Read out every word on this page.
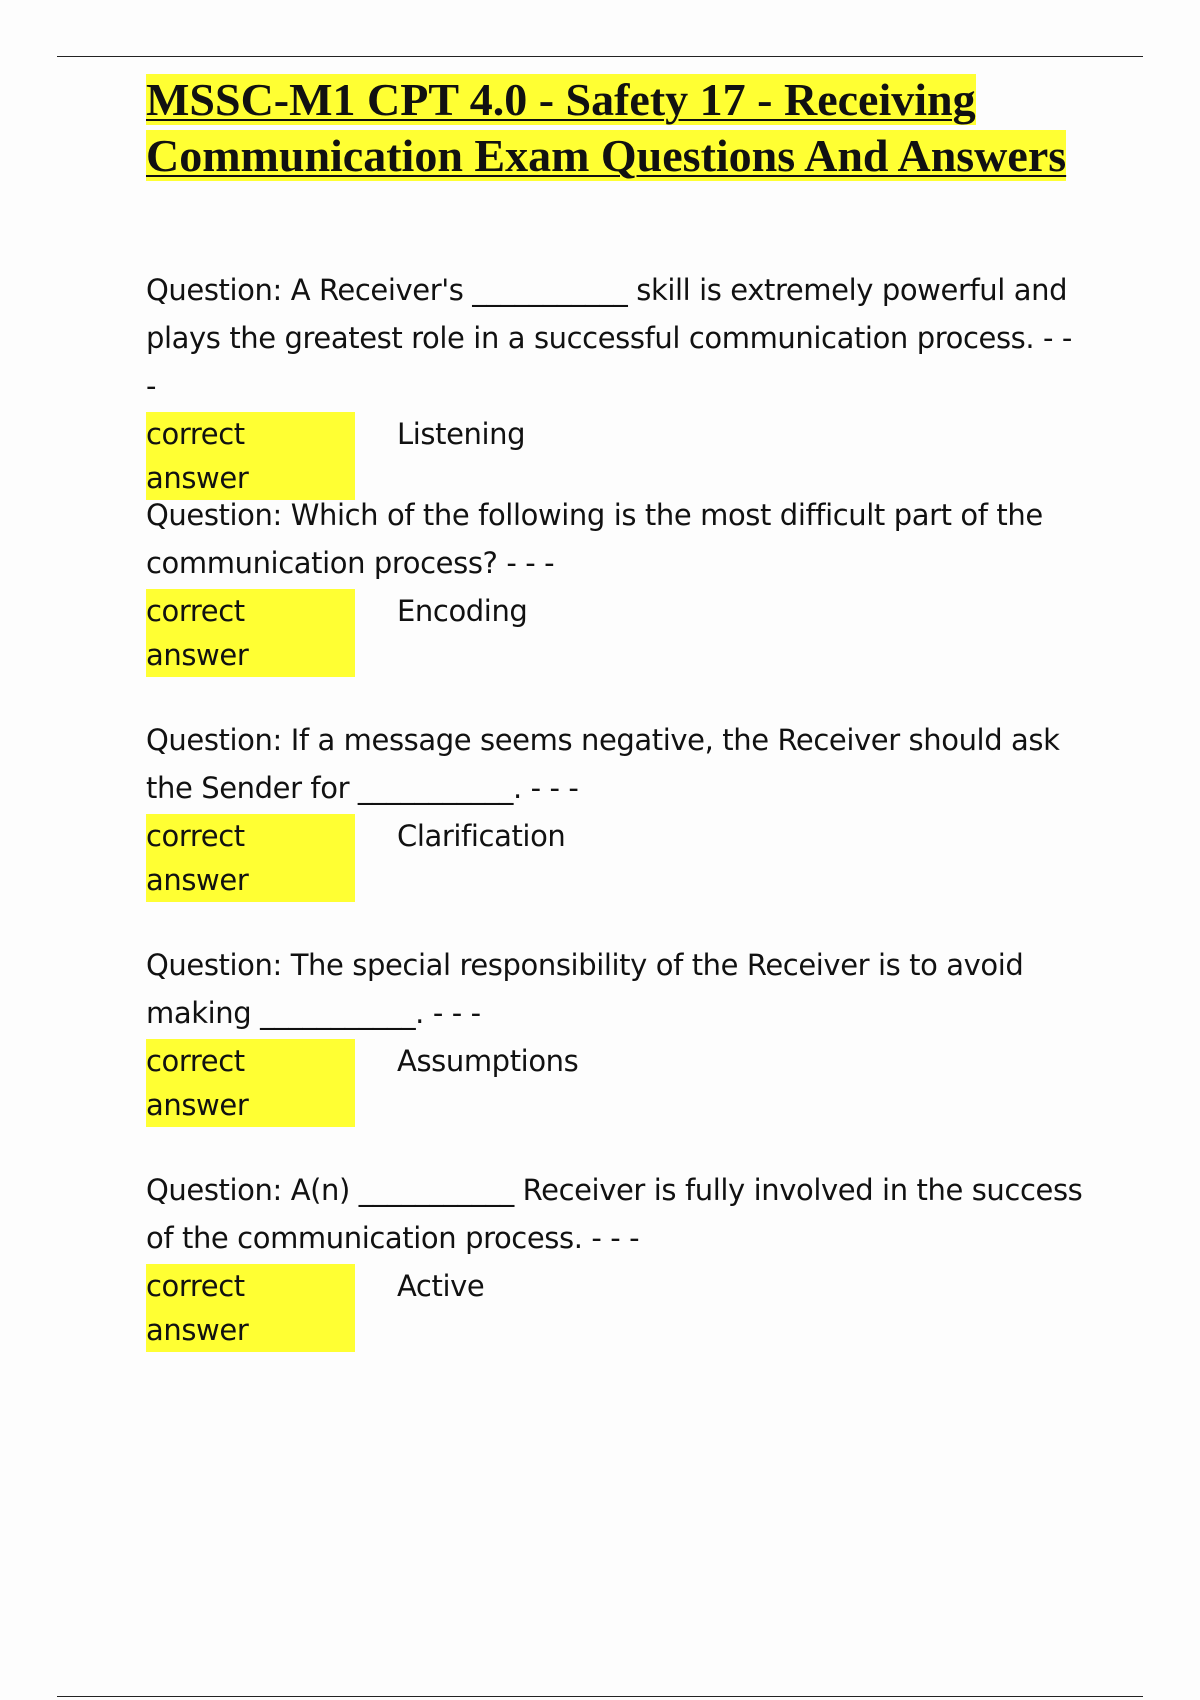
MSSC-M1 CPT 4.0 - Safety 17 - Receiving Communication Exam Questions And Answers

Question: A Receiver's ___________ skill is extremely powerful and plays the greatest role in a successful communication process. - - -

correct answer
Listening

Question: Which of the following is the most difficult part of the communication process? - - -

correct answer
Encoding

Question: If a message seems negative, the Receiver should ask the Sender for ___________. - - -

correct answer
Clarification

Question: The special responsibility of the Receiver is to avoid making ___________. - - -

correct answer
Assumptions

Question: A(n) ___________ Receiver is fully involved in the success of the communication process. - - -

correct answer
Active
